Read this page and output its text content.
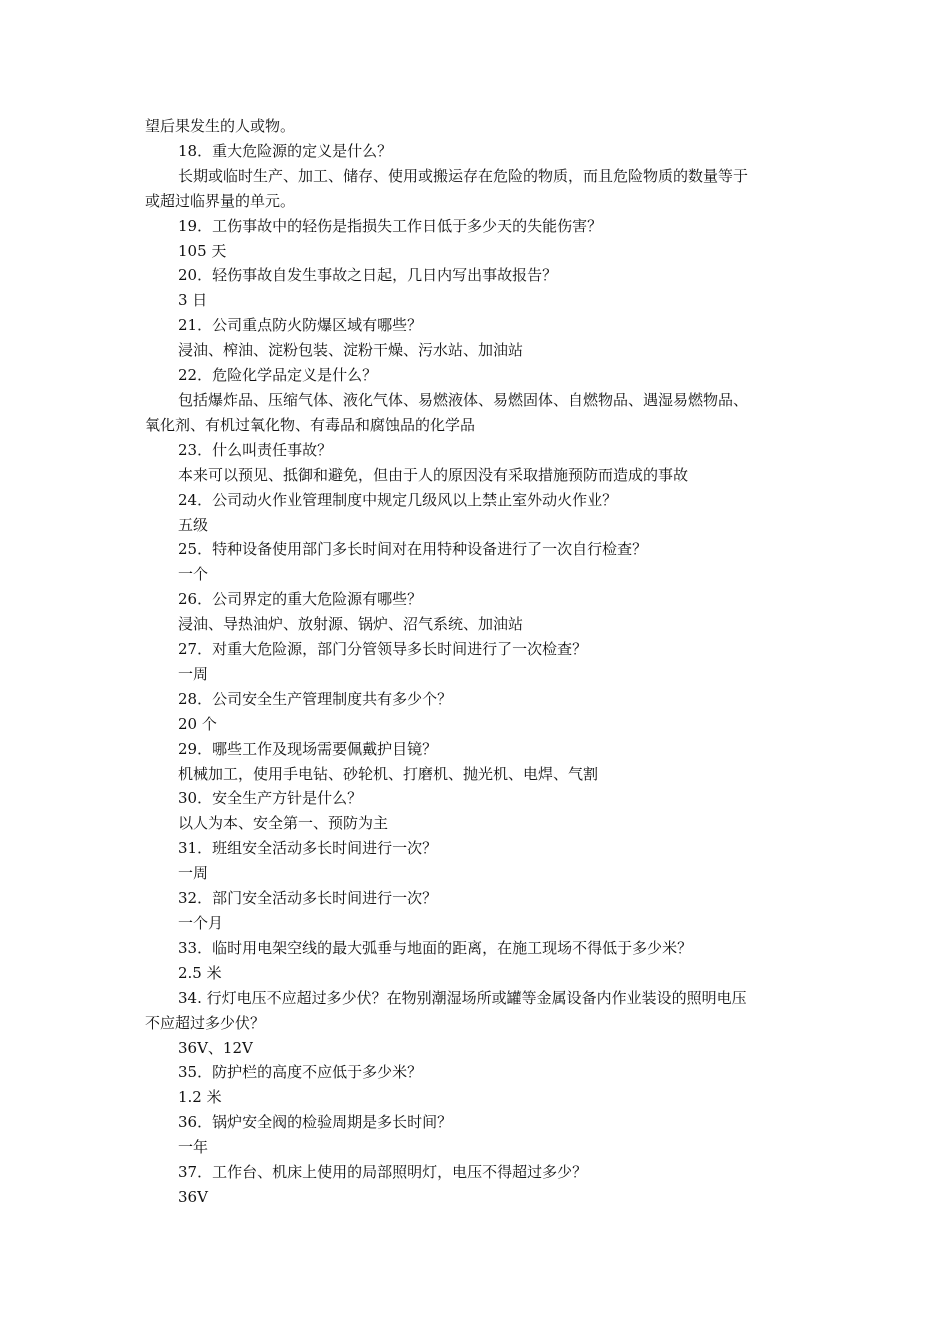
望后果发生的人或物。
18．重大危险源的定义是什么？
长期或临时生产、加工、储存、使用或搬运存在危险的物质，而且危险物质的数量等于
或超过临界量的单元。
19．工伤事故中的轻伤是指损失工作日低于多少天的失能伤害？
105 天
20．轻伤事故自发生事故之日起，几日内写出事故报告？
3 日
21．公司重点防火防爆区域有哪些？
浸油、榨油、淀粉包装、淀粉干燥、污水站、加油站
22．危险化学品定义是什么？
包括爆炸品、压缩气体、液化气体、易燃液体、易燃固体、自燃物品、遇湿易燃物品、
氧化剂、有机过氧化物、有毒品和腐蚀品的化学品
23．什么叫责任事故？
本来可以预见、抵御和避免，但由于人的原因没有采取措施预防而造成的事故
24．公司动火作业管理制度中规定几级风以上禁止室外动火作业？
五级
25．特种设备使用部门多长时间对在用特种设备进行了一次自行检查？
一个
26．公司界定的重大危险源有哪些？
浸油、导热油炉、放射源、锅炉、沼气系统、加油站
27．对重大危险源，部门分管领导多长时间进行了一次检查？
一周
28．公司安全生产管理制度共有多少个？
20 个
29．哪些工作及现场需要佩戴护目镜？
机械加工，使用手电钻、砂轮机、打磨机、抛光机、电焊、气割
30．安全生产方针是什么？
以人为本、安全第一、预防为主
31．班组安全活动多长时间进行一次？
一周
32．部门安全活动多长时间进行一次？
一个月
33．临时用电架空线的最大弧垂与地面的距离，在施工现场不得低于多少米？
2.5 米
34. 行灯电压不应超过多少伏？在物别潮湿场所或罐等金属设备内作业装设的照明电压
不应超过多少伏？
36V、12V
35．防护栏的高度不应低于多少米？
1.2 米
36．锅炉安全阀的检验周期是多长时间？
一年
37．工作台、机床上使用的局部照明灯，电压不得超过多少？
36V
